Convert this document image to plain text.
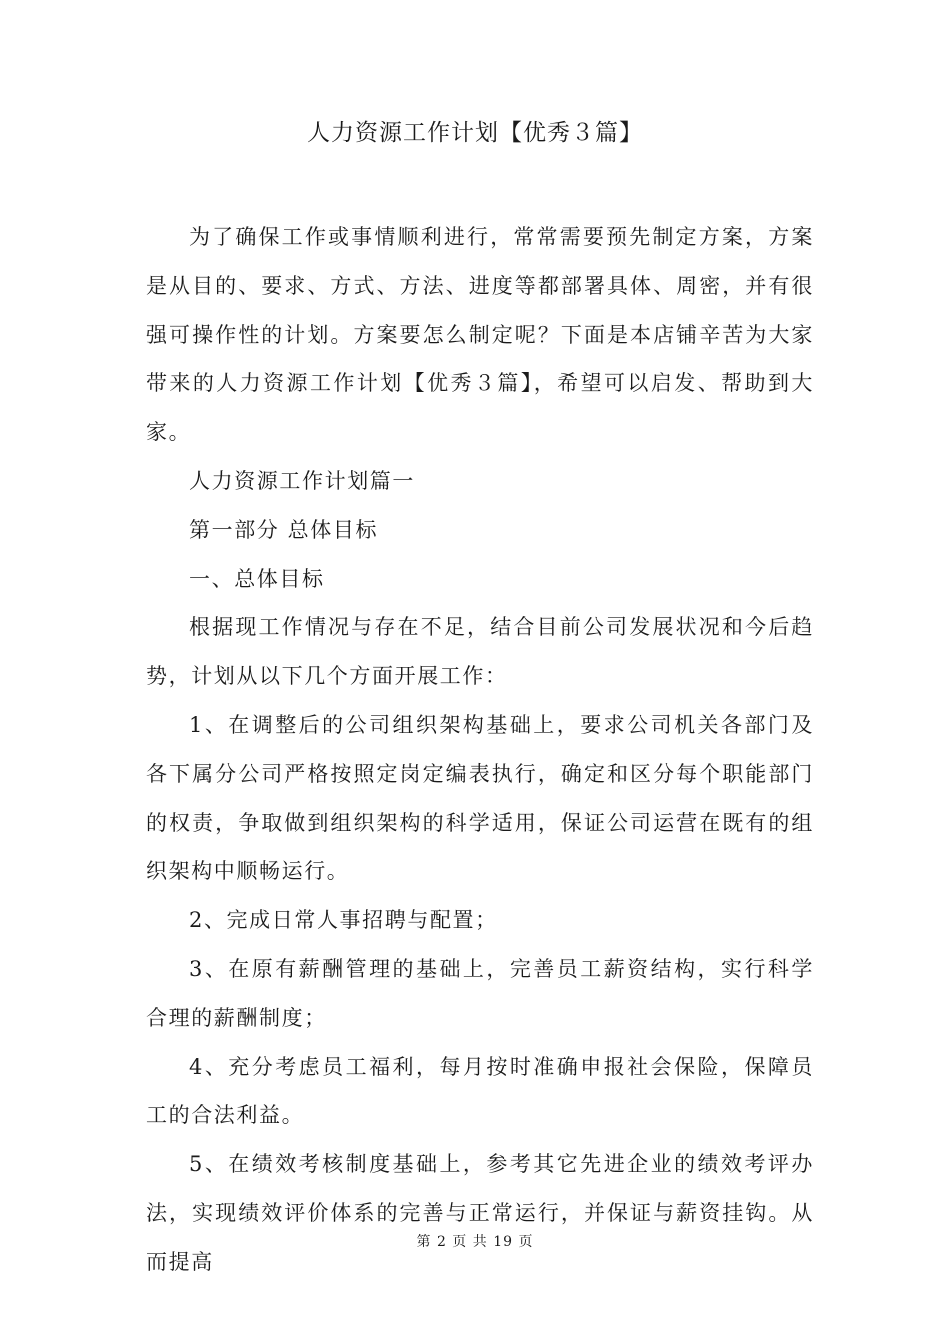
人力资源工作计划【优秀３篇】

为了确保工作或事情顺利进行，常常需要预先制定方案，方案是从目的、要求、方式、方法、进度等都部署具体、周密，并有很强可操作性的计划。方案要怎么制定呢？下面是本店铺辛苦为大家带来的人力资源工作计划【优秀３篇】，希望可以启发、帮助到大家。

人力资源工作计划篇一

第一部分 总体目标

一、总体目标

根据现工作情况与存在不足，结合目前公司发展状况和今后趋势，计划从以下几个方面开展工作：

1、在调整后的公司组织架构基础上，要求公司机关各部门及各下属分公司严格按照定岗定编表执行，确定和区分每个职能部门的权责，争取做到组织架构的科学适用，保证公司运营在既有的组织架构中顺畅运行。

2、完成日常人事招聘与配置；

3、在原有薪酬管理的基础上，完善员工薪资结构，实行科学合理的薪酬制度；

4、充分考虑员工福利，每月按时准确申报社会保险，保障员工的合法利益。

5、在绩效考核制度基础上，参考其它先进企业的绩效考评办法，实现绩效评价体系的完善与正常运行，并保证与薪资挂钩。从而提高

第 2 页 共 19 页
